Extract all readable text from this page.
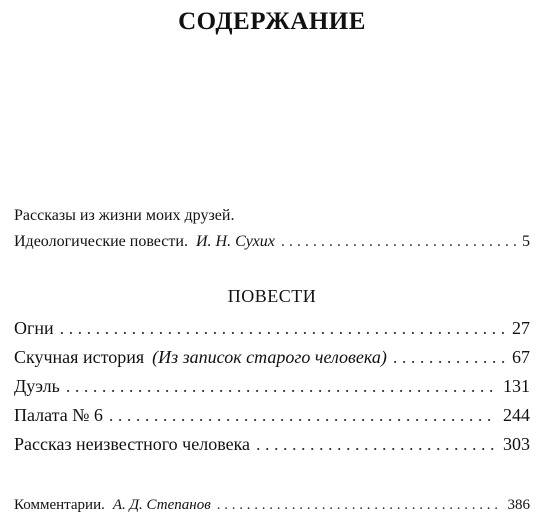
СОДЕРЖАНИЕ
Рассказы из жизни моих друзей.
Идеологические повести. И. Н. Сухих . . .	5
ПОВЕСТИ
Огни . . .	27
Скучная история (Из записок старого человека) . . .	67
Дуэль . . .	131
Палата № 6 . . .	244
Рассказ неизвестного человека . . .	303
Комментарии. А. Д. Степанов . . .	386
